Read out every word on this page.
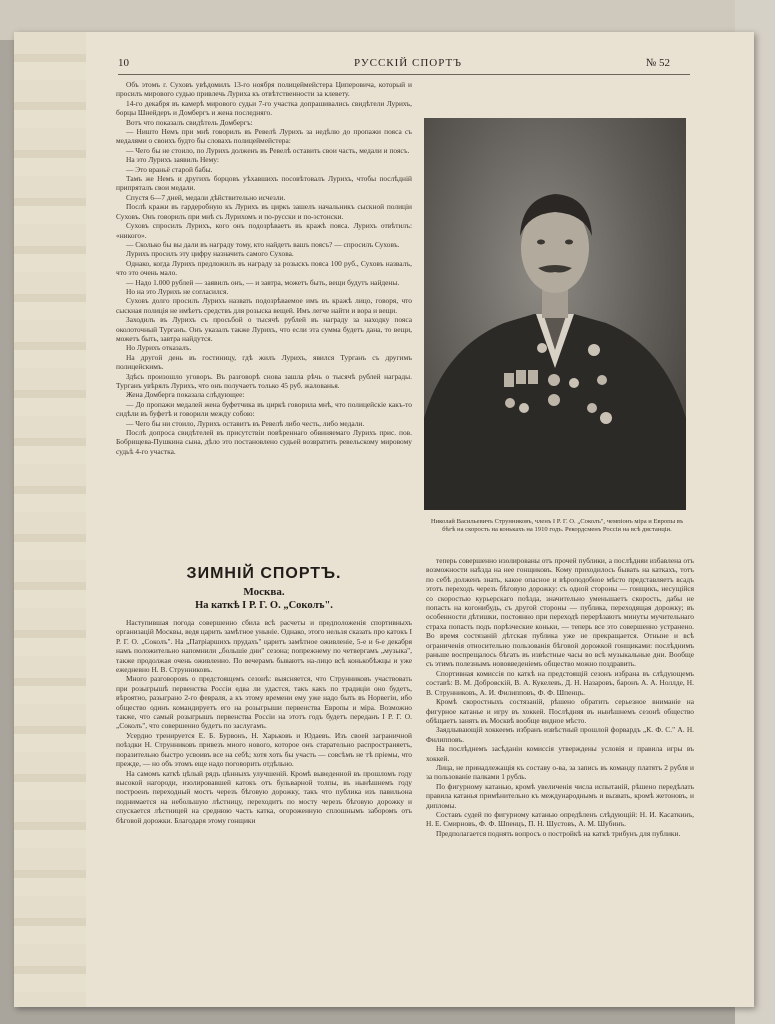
10	РУССКІЙ СПОРТЪ	№ 52

Объ этомъ г. Суховъ увѣдомилъ 13-го ноября полицеймейстера Циперовича, который и просилъ мирового судью привлечь Луриха къ отвѣтственности за клевету.

14-го декабря въ камерѣ мирового судьи 7-го участка допрашивались свидѣтели Лурихъ, борцы Шнейдеръ и Домбергъ и жена последняго.

Вотъ что показалъ свидѣтель Домбергъ:

— Ништо Немъ при мнѣ говорилъ въ Ревелѣ Лурихъ за недѣлю до пропажи пояса съ медалями о своихъ будто бы словахъ полицеймейстера:

— Чего бы не стоило, по Лурихъ долженъ въ Ревелѣ оставить свои часть, медали и поясъ.

На это Лурихъ заявилъ Нему:

— Это враньё старой бабы.

Тамъ же Немъ и другихъ борцовъ уѣхавшихъ посовѣтовалъ Лурихъ, чтобы послѣдній припряталъ свои медали.

Спустя 6—7 дней, медали дѣйствительно исчезли.

Послѣ кражи въ гардеробную къ Лурихъ въ циркъ зашелъ начальникъ сыскной полиціи Суховъ. Онъ говорилъ при мнѣ съ Лурихомъ и по-русски и по-эстонски.

Суховъ спросилъ Лурихъ, кого онъ подозрѣваетъ въ кражѣ пояса. Лурихъ отвѣтилъ: «никого».

— Сколько бы вы дали въ награду тому, кто найдетъ вашъ поясъ? — спросилъ Суховъ.

Лурихъ просилъ эту цифру назначить самого Сухова.

Однако, когда Лурихъ предложилъ въ награду за розыскъ пояса 100 руб., Суховъ назвалъ, что это очень мало.

— Надо 1.000 рублей — заявилъ онъ, — и завтра, можетъ быть, вещи будутъ найдены.

Но на это Лурихъ не согласился.

Суховъ долго просилъ Лурихъ назвать подозрѣваемое имъ въ кражѣ лицо, говоря, что сыскная полиція не имѣетъ средствъ для розыска вещей. Имъ легче найти и вора и вещи.

Заходилъ въ Лурихъ съ просьбой о тысячѣ рублей въ награду за находку пояса околоточный Турганъ. Онъ указалъ также Лурихъ, что если эта сумма будетъ дана, то вещи, можетъ быть, завтра найдутся.

Но Лурихъ отказалъ.

На другой день въ гостиницу, гдѣ жилъ Лурихъ, явился Турганъ съ другимъ полицейскимъ.

Здѣсь произошло уговоръ. Въ разговорѣ снова зашла рѣчь о тысячѣ рублей награды. Турганъ увѣрялъ Лурихъ, что онъ получаетъ только 45 руб. жалованья.

Жена Домберга показала слѣдующее:

— До пропажи медалей жена буфетчика въ циркѣ говорила мнѣ, что полицейскіе какъ-то сидѣли въ буфетѣ и говорили между собою:

— Чего бы ни стоило, Лурихъ оставитъ въ Ревелѣ либо честь, либо медали.

Послѣ допроса свидѣтелей въ присутствіи повѣреннаго обвиняемаго Лурихъ прис. пов. Бобрищева-Пушкина сына, дѣло это постановлено судьей возвратить ревельскому мировому судьѣ 4-го участка.

Николай Васильевичъ Струнниковъ, членъ I Р. Г. О. „Соколъ", чемпіонъ міра и Европы въ бѣгѣ на скорость на конькахъ на 1910 годъ. Рекордсменъ Россіи на всѣ дистанціи.
ЗИМНІЙ СПОРТЪ.
Москва.
На каткѣ I Р. Г. О. „Соколъ".

Наступившая погода совершенно сбила всѣ расчеты и предположенія спортивныхъ организацій Москвы, ведя царить замѣтное уныніе. Однако, этого нельзя сказать про катокъ I Р. Г. О. „Соколъ". На „Патріаршихъ прудахъ" царитъ замѣтное оживленіе, 5-е и 6-е декабря намъ положительно напомнили „большіе дни" сезона; попрежнему по четвергамъ „музыка", также продолжая очень оживленно. По вечерамъ бываютъ на-лицо всѣ конькобѣжцы и уже ежедневно Н. В. Струнниковъ.

Много разговоровъ о предстоящемъ сезонѣ: выясняется, что Струнниковъ участвовать при розыгрышѣ первенства Россіи едва ли удастся, такъ какъ по традиціи оно будетъ, вѣроятно, разыграно 2-го февраля, а къ этому времени ему уже надо быть въ Норвегіи, ибо общество одинъ командируетъ его на розыгрыши первенства Европы и міра. Возможно также, что самый розыгрышъ первенства Россіи на этотъ годъ будетъ переданъ I Р. Г. О. „Соколъ", что совершенно будетъ по заслугамъ.

Усердно тренируется Е. Б. Бурвонъ, Н. Харьковъ и Юдаевъ. Изъ своей заграничной поѣздки Н. Струнниковъ привезъ много нового, которое онъ старательно распространяетъ, поразительно быстро усвоивъ все на себѣ; хотя хоть бы участь — совсѣмъ не тѣ пріемы, что прежде, — но объ этомъ еще надо поговорить отдѣльно.

На самомъ каткѣ цѣлый рядъ цѣнныхъ улучшеній. Кромѣ выведенной въ прошломъ году высокой нагороди, изолировавшей катокъ отъ бульварной толпы, въ нынѣшнемъ году построенъ переходный мостъ черезъ бѣговую дорожку, такъ что публика изъ павильона поднимается на небольшую лѣстницу, переходитъ по мосту черезъ бѣговую дорожку и спускается лѣстницей на среднюю часть катка, огороженную сплошнымъ заборомъ отъ бѣговой дорожки. Благодаря этому гонщики

теперь совершенно изолированы отъ прочей публики, а послѣдняи избавлена отъ возможности наѣзда на нее гонщиковъ. Кому приходилось бывать на каткахъ, тотъ по себѣ долженъ знать, какое опасное и вѣроподобное мѣсто представляетъ всадъ этотъ переходъ черезъ бѣговую дорожку: съ одной стороны — гонщикъ, несущійся со скоростью курьерскаго поѣзда, значительно уменьшаетъ скорость, дабы не попасть на когонибудь, съ другой стороны — публика, переходящая дорожку; въ особенности дѣтишки, постоянно при переходѣ перерѣзаютъ минуты мучительнаго страха попасть подъ порѣзческие коньки, — теперь все это совершенно устранено. Во время состязаній дѣтская публика уже не прекращается. Отныне и всѣ ограниченія относительно пользованія бѣговой дорожкой гонщиками: послѣднимъ раньше воспрещалось бѣгать въ извѣстные часы во всѣ музыкальные дни. Вообще съ этимъ полезнымъ нововведеніемъ общество можно поздравить.

Спортивная комиссія по каткѣ на предстоящій сезонъ избрана въ слѣдующемъ составѣ: В. М. Добровскій, В. А. Кукелевъ, Д. Н. Назаровъ, баронъ А. А. Ноллде, Н. В. Струнниковъ, А. И. Филипповъ, Ф. Ф. Шпенцъ.

Кромѣ скоростныхъ состязаній, рѣшено обратить серьезное вниманіе на фигурное катанье и игру въ хоккей. Послѣдняя въ нынѣшнемъ сезонѣ общество обѣщаетъ занять въ Москвѣ вообще видное мѣсто.

Заядлывающій хоккеемъ избранъ извѣстный прошлой форвардъ „К. Ф. С." А. Н. Филипповъ.

На послѣднемъ засѣданіи комиссія утверждены условія и правила игры въ хоккей.

Лица, не принадлежащія къ составу о-ва, за запись въ команду платятъ 2 рубля и за пользованіе палками 1 рубль.

По фигурному катанью, кромѣ увеличенія числа испытаній, рѣшено передѣлать правила катанья примѣнительно къ международнымъ и вызвать, кромѣ жетоновъ, и дипломы.

Составъ судей по фигурному катанью опредѣленъ слѣдующій: Н. И. Касаткинъ, Н. Е. Смирновъ, Ф. Ф. Шпенцъ, П. Н. Шустовъ, А. М. Шубинъ.

Предполагается поднять вопросъ о постройкѣ на каткѣ трибунъ для публики.
